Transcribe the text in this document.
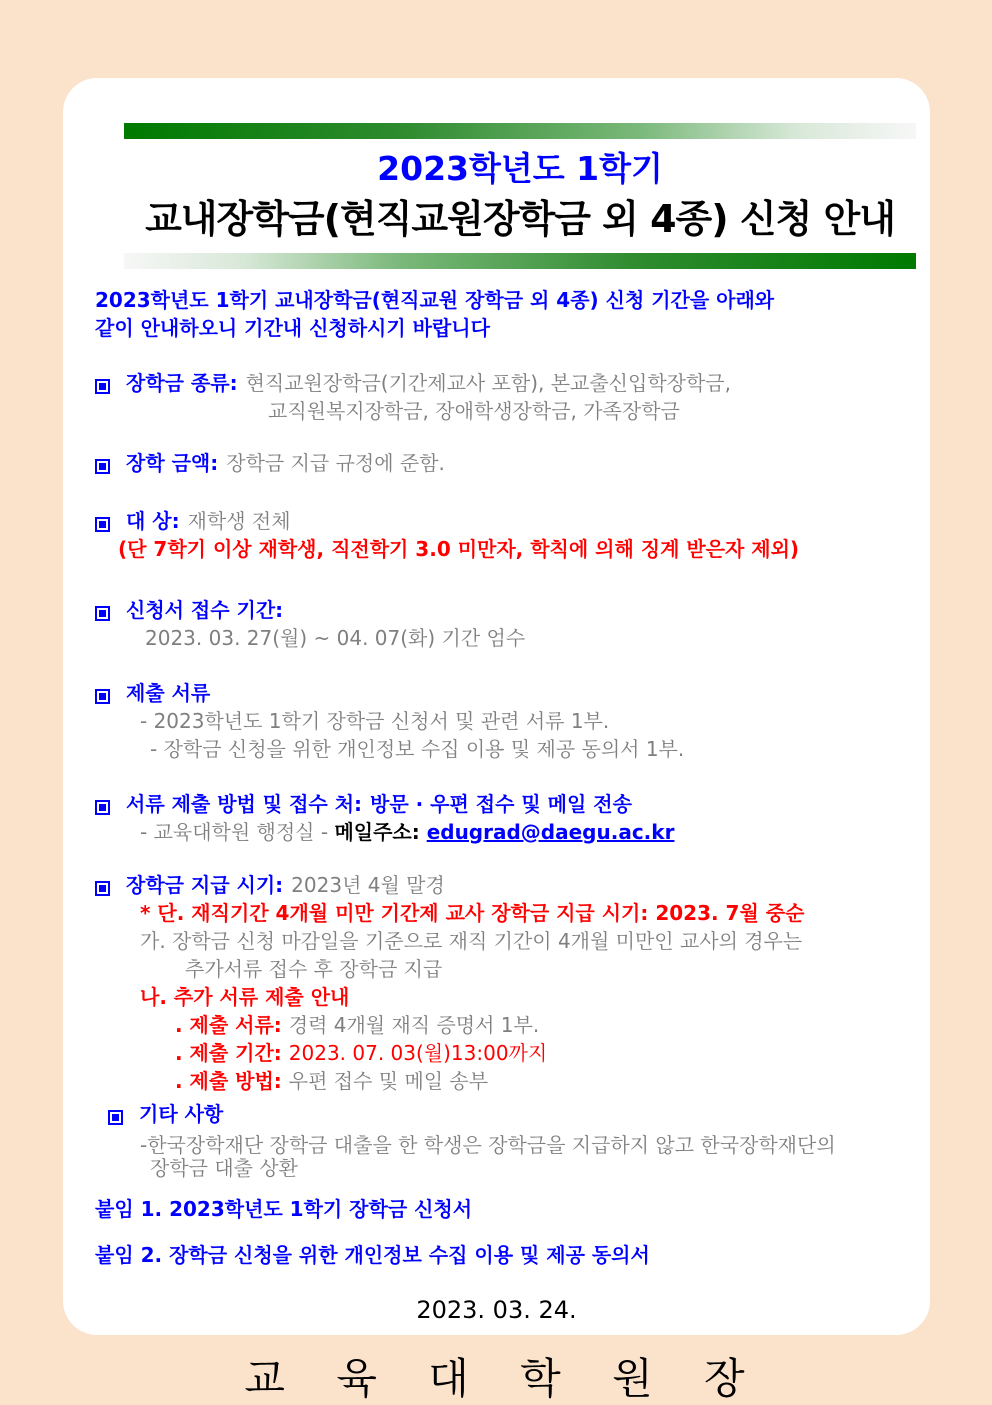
2023학년도 1학기
교내장학금(현직교원장학금 외 4종) 신청 안내
2023학년도 1학기 교내장학금(현직교원 장학금 외 4종) 신청 기간을 아래와
같이 안내하오니 기간내 신청하시기 바랍니다
장학금 종류: 현직교원장학금(기간제교사 포함), 본교출신입학장학금,
교직원복지장학금, 장애학생장학금, 가족장학금
장학 금액: 장학금 지급 규정에 준함.
대 상: 재학생 전체
(단 7학기 이상 재학생, 직전학기 3.0 미만자, 학칙에 의해 징계 받은자 제외)
신청서 접수 기간:
2023. 03. 27(월) ~ 04. 07(화) 기간 엄수
제출 서류
- 2023학년도 1학기 장학금 신청서 및 관련 서류 1부.
- 장학금 신청을 위한 개인정보 수집 이용 및 제공 동의서 1부.
서류 제출 방법 및 접수 처: 방문 · 우편 접수 및 메일 전송
- 교육대학원 행정실 - 메일주소: edugrad@daegu.ac.kr
장학금 지급 시기: 2023년 4월 말경
* 단. 재직기간 4개월 미만 기간제 교사 장학금 지급 시기: 2023. 7월 중순
가. 장학금 신청 마감일을 기준으로 재직 기간이 4개월 미만인 교사의 경우는
추가서류 접수 후 장학금 지급
나. 추가 서류 제출 안내
. 제출 서류: 경력 4개월 재직 증명서 1부.
. 제출 기간: 2023. 07. 03(월)13:00까지
. 제출 방법: 우편 접수 및 메일 송부
기타 사항
-한국장학재단 장학금 대출을 한 학생은 장학금을 지급하지 않고 한국장학재단의
장학금 대출 상환
붙임 1. 2023학년도 1학기 장학금 신청서
붙임 2. 장학금 신청을 위한 개인정보 수집 이용 및 제공 동의서
2023. 03. 24.
교 육 대 학 원 장
